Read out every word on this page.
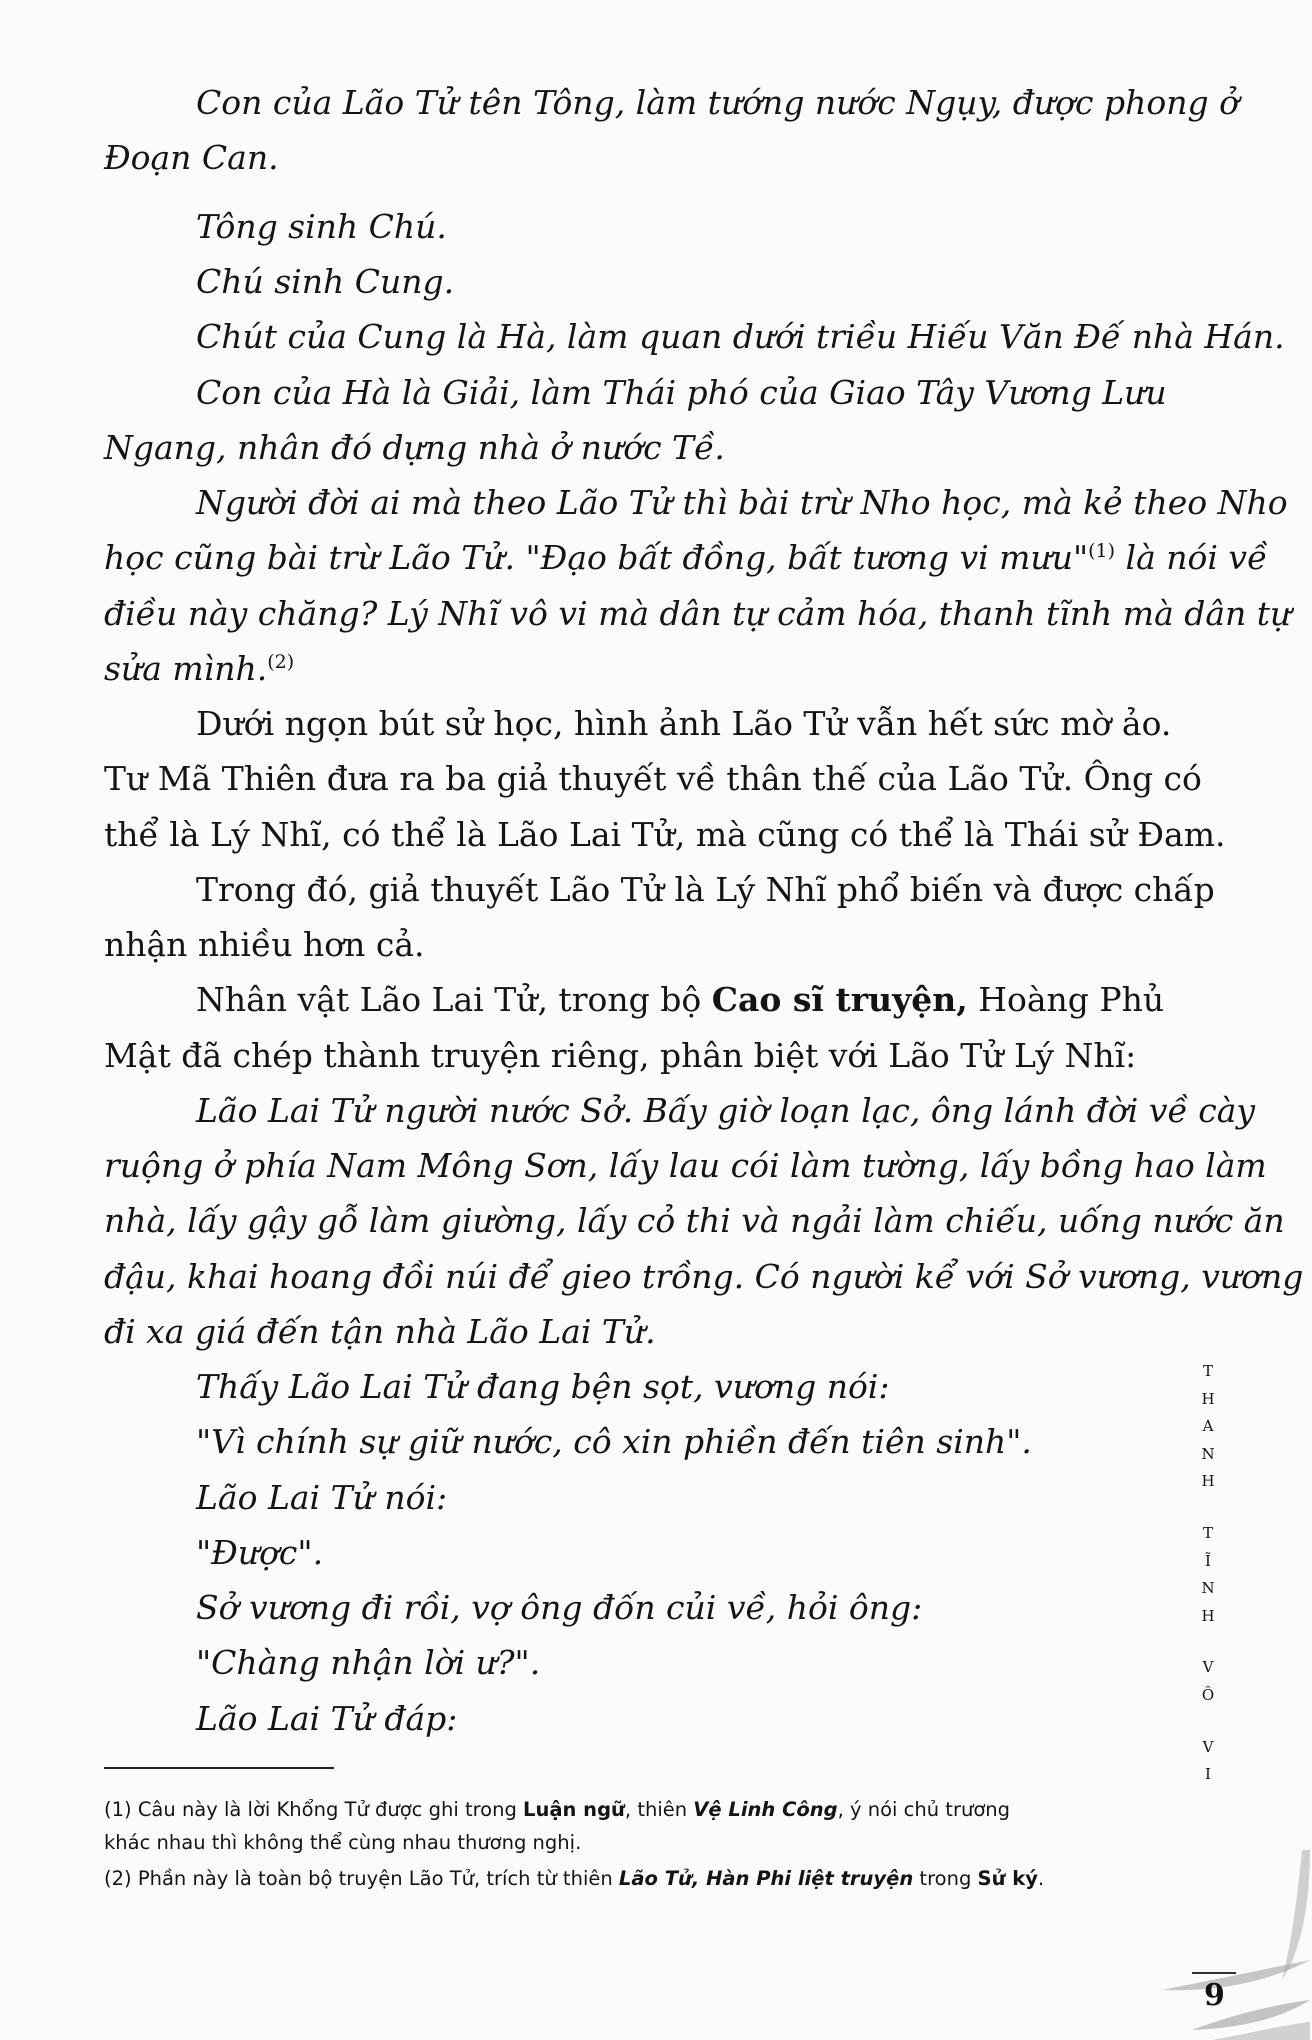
Con của Lão Tử tên Tông, làm tướng nước Ngụy, được phong ở
Đoạn Can.
Tông sinh Chú.
Chú sinh Cung.
Chút của Cung là Hà, làm quan dưới triều Hiếu Văn Đế nhà Hán.
Con của Hà là Giải, làm Thái phó của Giao Tây Vương Lưu
Ngang, nhân đó dựng nhà ở nước Tề.
Người đời ai mà theo Lão Tử thì bài trừ Nho học, mà kẻ theo Nho
học cũng bài trừ Lão Tử. "Đạo bất đồng, bất tương vi mưu"$^{(1)}$ là nói về
điều này chăng? Lý Nhĩ vô vi mà dân tự cảm hóa, thanh tĩnh mà dân tự
sửa mình.$^{(2)}$
Dưới ngọn bút sử học, hình ảnh Lão Tử vẫn hết sức mờ ảo.
Tư Mã Thiên đưa ra ba giả thuyết về thân thế của Lão Tử. Ông có
thể là Lý Nhĩ, có thể là Lão Lai Tử, mà cũng có thể là Thái sử Đam.
Trong đó, giả thuyết Lão Tử là Lý Nhĩ phổ biến và được chấp
nhận nhiều hơn cả.
Nhân vật Lão Lai Tử, trong bộ Cao sĩ truyện, Hoàng Phủ
Mật đã chép thành truyện riêng, phân biệt với Lão Tử Lý Nhĩ:
Lão Lai Tử người nước Sở. Bấy giờ loạn lạc, ông lánh đời về cày
ruộng ở phía Nam Mông Sơn, lấy lau cói làm tường, lấy bồng hao làm
nhà, lấy gậy gỗ làm giường, lấy cỏ thi và ngải làm chiếu, uống nước ăn
đậu, khai hoang đồi núi để gieo trồng. Có người kể với Sở vương, vương
đi xa giá đến tận nhà Lão Lai Tử.
Thấy Lão Lai Tử đang bện sọt, vương nói:
"Vì chính sự giữ nước, cô xin phiền đến tiên sinh".
Lão Lai Tử nói:
"Được".
Sở vương đi rồi, vợ ông đốn củi về, hỏi ông:
"Chàng nhận lời ư?".
Lão Lai Tử đáp:
(1) Câu này là lời Khổng Tử được ghi trong Luận ngữ, thiên Vệ Linh Công, ý nói chủ trương
khác nhau thì không thể cùng nhau thương nghị.
(2) Phần này là toàn bộ truyện Lão Tử, trích từ thiên Lão Tử, Hàn Phi liệt truyện trong Sử ký.
T
H
A
N
H
T
Ĩ
N
H
V
Ô
V
I
9
